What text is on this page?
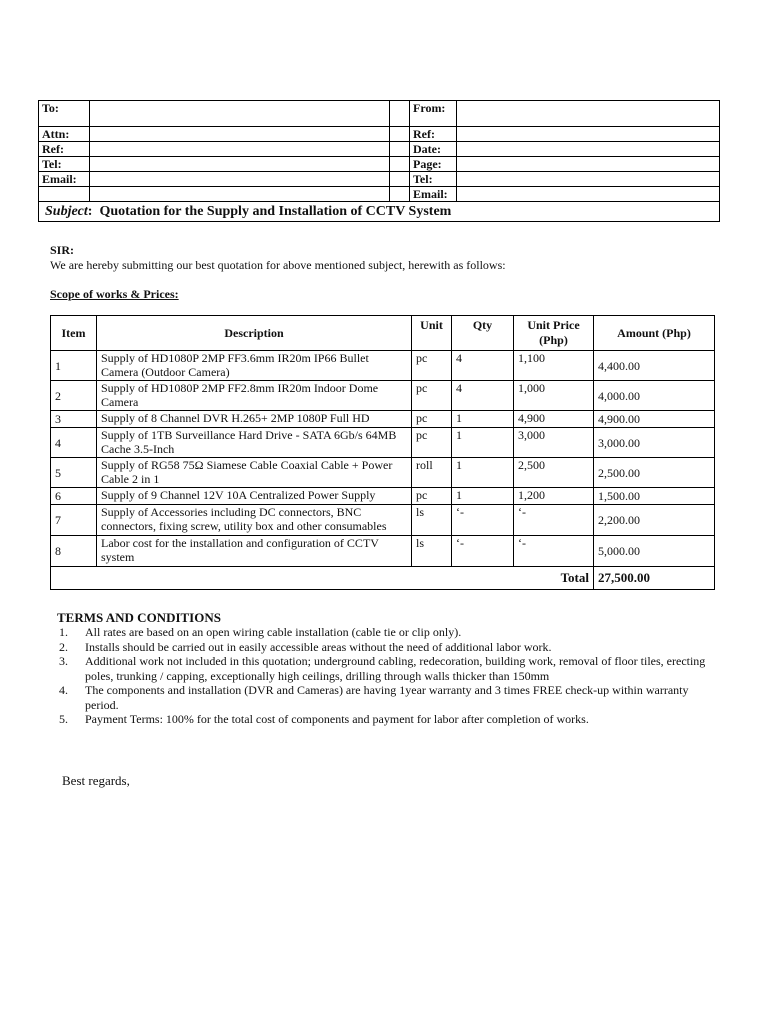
To:			From:	
Attn:			Ref:	
Ref:			Date:	
Tel:			Page:	
Email:			Tel:	
			Email:	
Subject: Quotation for the Supply and Installation of CCTV System				
SIR:
We are hereby submitting our best quotation for above mentioned subject, herewith as follows:
Scope of works & Prices:
Item	Description	Unit	Qty	Unit Price (Php)	Amount (Php)
1	Supply of HD1080P 2MP FF3.6mm IR20m IP66 Bullet Camera (Outdoor Camera)	pc	4	1,100	4,400.00
2	Supply of HD1080P 2MP FF2.8mm IR20m Indoor Dome Camera	pc	4	1,000	4,000.00
3	Supply of 8 Channel DVR H.265+ 2MP 1080P Full HD	pc	1	4,900	4,900.00
4	Supply of 1TB Surveillance Hard Drive - SATA 6Gb/s 64MB Cache 3.5-Inch	pc	1	3,000	3,000.00
5	Supply of RG58 75Ω Siamese Cable Coaxial Cable + Power Cable 2 in 1	roll	1	2,500	2,500.00
6	Supply of 9 Channel 12V 10A Centralized Power Supply	pc	1	1,200	1,500.00
7	Supply of Accessories including DC connectors, BNC connectors, fixing screw, utility box and other consumables	ls	‘-	‘-	2,200.00
8	Labor cost for the installation and configuration of CCTV system	ls	‘-	‘-	5,000.00
Total					27,500.00
TERMS AND CONDITIONS
1. All rates are based on an open wiring cable installation (cable tie or clip only).
2. Installs should be carried out in easily accessible areas without the need of additional labor work.
3. Additional work not included in this quotation; underground cabling, redecoration, building work, removal of floor tiles, erecting poles, trunking / capping, exceptionally high ceilings, drilling through walls thicker than 150mm
4. The components and installation (DVR and Cameras) are having 1year warranty and 3 times FREE check-up within warranty period.
5. Payment Terms: 100% for the total cost of components and payment for labor after completion of works.
Best regards,
